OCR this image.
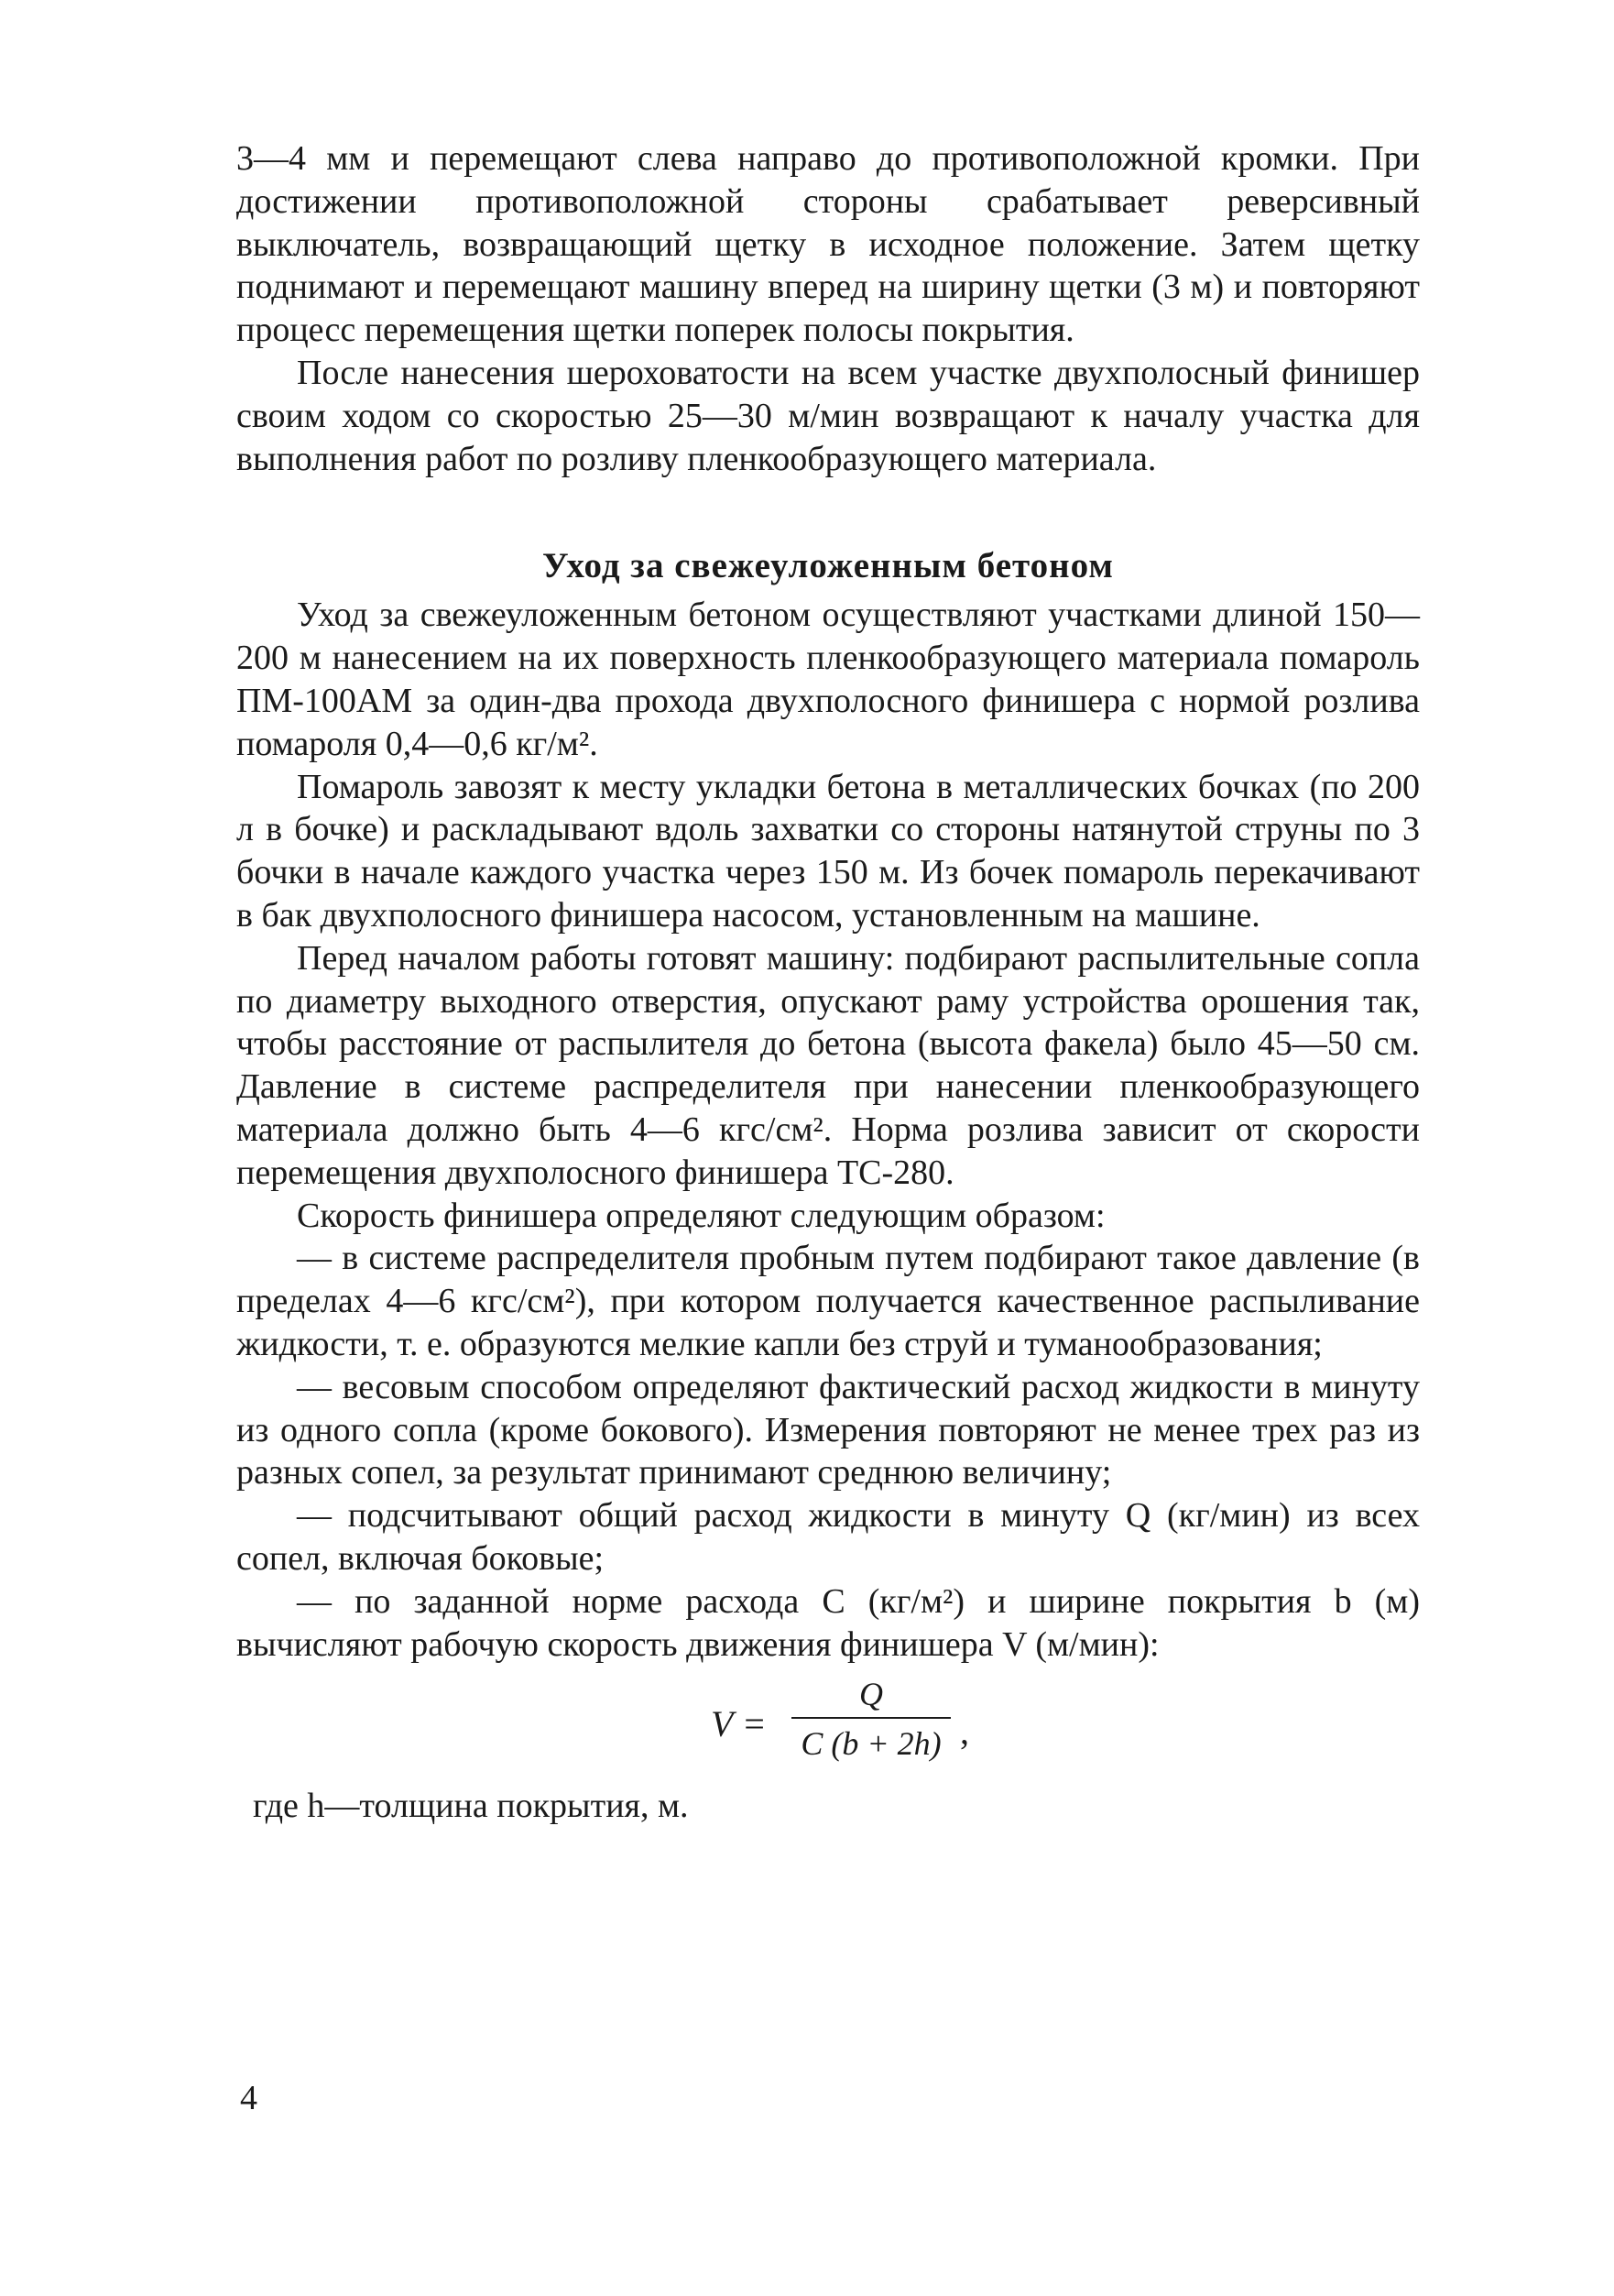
3—4 мм и перемещают слева направо до противоположной кромки. При достижении противоположной стороны срабатывает реверсивный выключатель, возвращающий щетку в исходное положение. Затем щетку поднимают и перемещают машину вперед на ширину щетки (3 м) и повторяют процесс перемещения щетки поперек полосы покрытия.

После нанесения шероховатости на всем участке двухполосный финишер своим ходом со скоростью 25—30 м/мин возвращают к началу участка для выполнения работ по розливу пленкообразующего материала.

Уход за свежеуложенным бетоном

Уход за свежеуложенным бетоном осуществляют участками длиной 150—200 м нанесением на их поверхность пленкообразующего материала помароль ПМ-100АМ за один-два прохода двухполосного финишера с нормой розлива помароля 0,4—0,6 кг/м².

Помароль завозят к месту укладки бетона в металлических бочках (по 200 л в бочке) и раскладывают вдоль захватки со стороны натянутой струны по 3 бочки в начале каждого участка через 150 м. Из бочек помароль перекачивают в бак двухполосного финишера насосом, установленным на машине.

Перед началом работы готовят машину: подбирают распылительные сопла по диаметру выходного отверстия, опускают раму устройства орошения так, чтобы расстояние от распылителя до бетона (высота факела) было 45—50 см. Давление в системе распределителя при нанесении пленкообразующего материала должно быть 4—6 кгс/см². Норма розлива зависит от скорости перемещения двухполосного финишера ТС-280.

Скорость финишера определяют следующим образом:

— в системе распределителя пробным путем подбирают такое давление (в пределах 4—6 кгс/см²), при котором получается качественное распыливание жидкости, т. е. образуются мелкие капли без струй и туманообразования;

— весовым способом определяют фактический расход жидкости в минуту из одного сопла (кроме бокового). Измерения повторяют не менее трех раз из разных сопел, за результат принимают среднюю величину;

— подсчитывают общий расход жидкости в минуту Q (кг/мин) из всех сопел, включая боковые;

— по заданной норме расхода С (кг/м²) и ширине покрытия b (м) вычисляют рабочую скорость движения финишера V (м/мин):

V =
Q
C (b + 2h) ,

где h—толщина покрытия, м.

4
